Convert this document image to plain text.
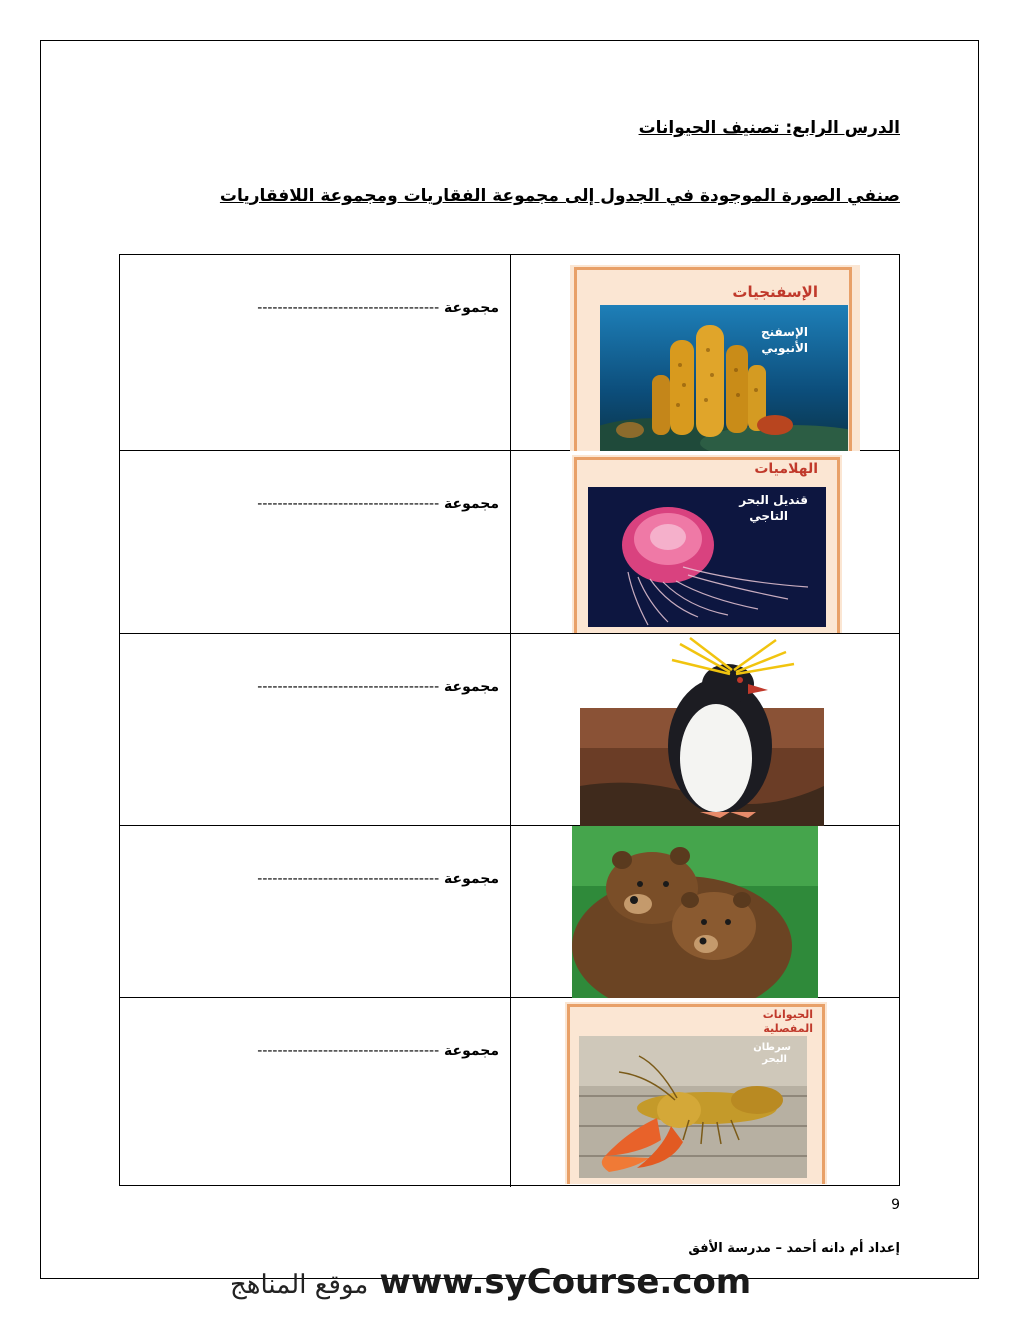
الدرس الرابع: تصنيف الحيوانات
صنفي الصورة الموجودة في الجدول إلى مجموعة الفقاريات ومجموعة اللافقاريات
مجموعة ------------------------------------
الإسفنجيات
الإسفنج
الأنبوبي
مجموعة ------------------------------------
الهلاميات
قنديل البحر
التاجي
مجموعة ------------------------------------
مجموعة ------------------------------------
مجموعة ------------------------------------
الحيوانات
المفصلية
سرطان
البحر
9
إعداد أم دانه أحمد – مدرسة الأفق
موقع المناهج www.syCourse.com
